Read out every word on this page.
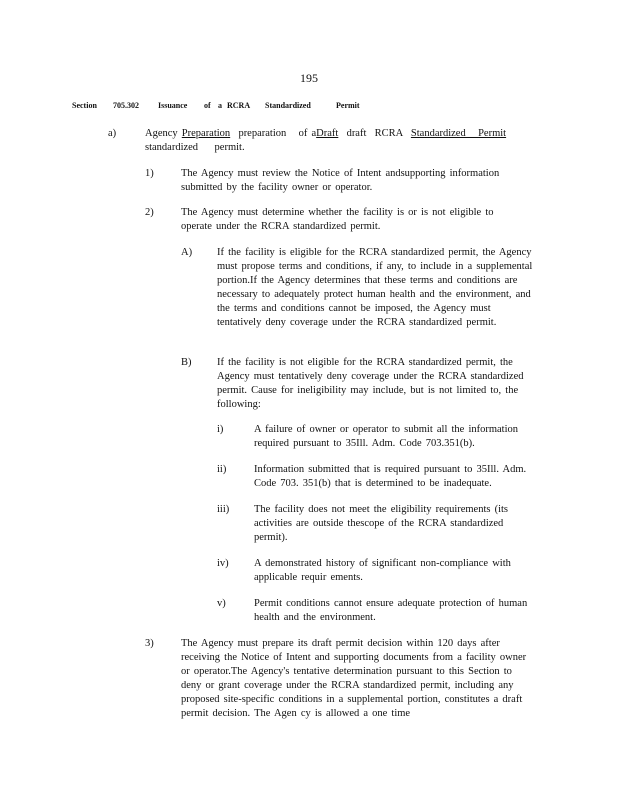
195
Section 705.302 Issuance of a RCRA Standardized	Permit
a)	Agency Preparation  preparation   of aDraft  draft  RCRA  Standardized   Permit   standardized    permit.
1)	The Agency must review the Notice of Intent andsupporting information submitted by the facility owner or operator.
2)	The Agency must determine whether the facility is or is not eligible to operate under the RCRA standardized permit.
A) If the facility is eligible for the RCRA standardized permit, the Agency must propose terms and conditions, if any, to include in a supplemental portion.If the Agency determines that these terms and conditions are necessary to adequately protect human health and the environment, and the terms and conditions cannot be imposed, the Agency must tentatively deny coverage under the RCRA standardized permit.
B) If the facility is not eligible for the RCRA standardized permit, the Agency must tentatively deny coverage under the RCRA standardized permit. Cause for ineligibility may include, but is not limited to, the following:
i)	A failure of owner or operator to submit all the information required pursuant to 35Ill. Adm. Code 703.351(b).
ii)	Information submitted that is required pursuant to 35Ill. Adm. Code 703. 351(b) that is determined to be inadequate.
iii) The facility does not meet the eligibility requirements (its activities are outside thescope of the RCRA standardized permit).
iv) A demonstrated history of significant non-compliance with applicable requir ements.
v)	Permit conditions cannot ensure adequate protection of human health and the environment.
3)	The Agency must prepare its draft permit decision within 120 days after receiving the Notice of Intent and supporting documents from a facility owner or operator.The Agency's tentative determination pursuant to this Section to deny or grant coverage under the RCRA standardized permit, including any proposed site-specific conditions in a supplemental portion, constitutes a draft permit decision. The Agen cy is allowed a one time
